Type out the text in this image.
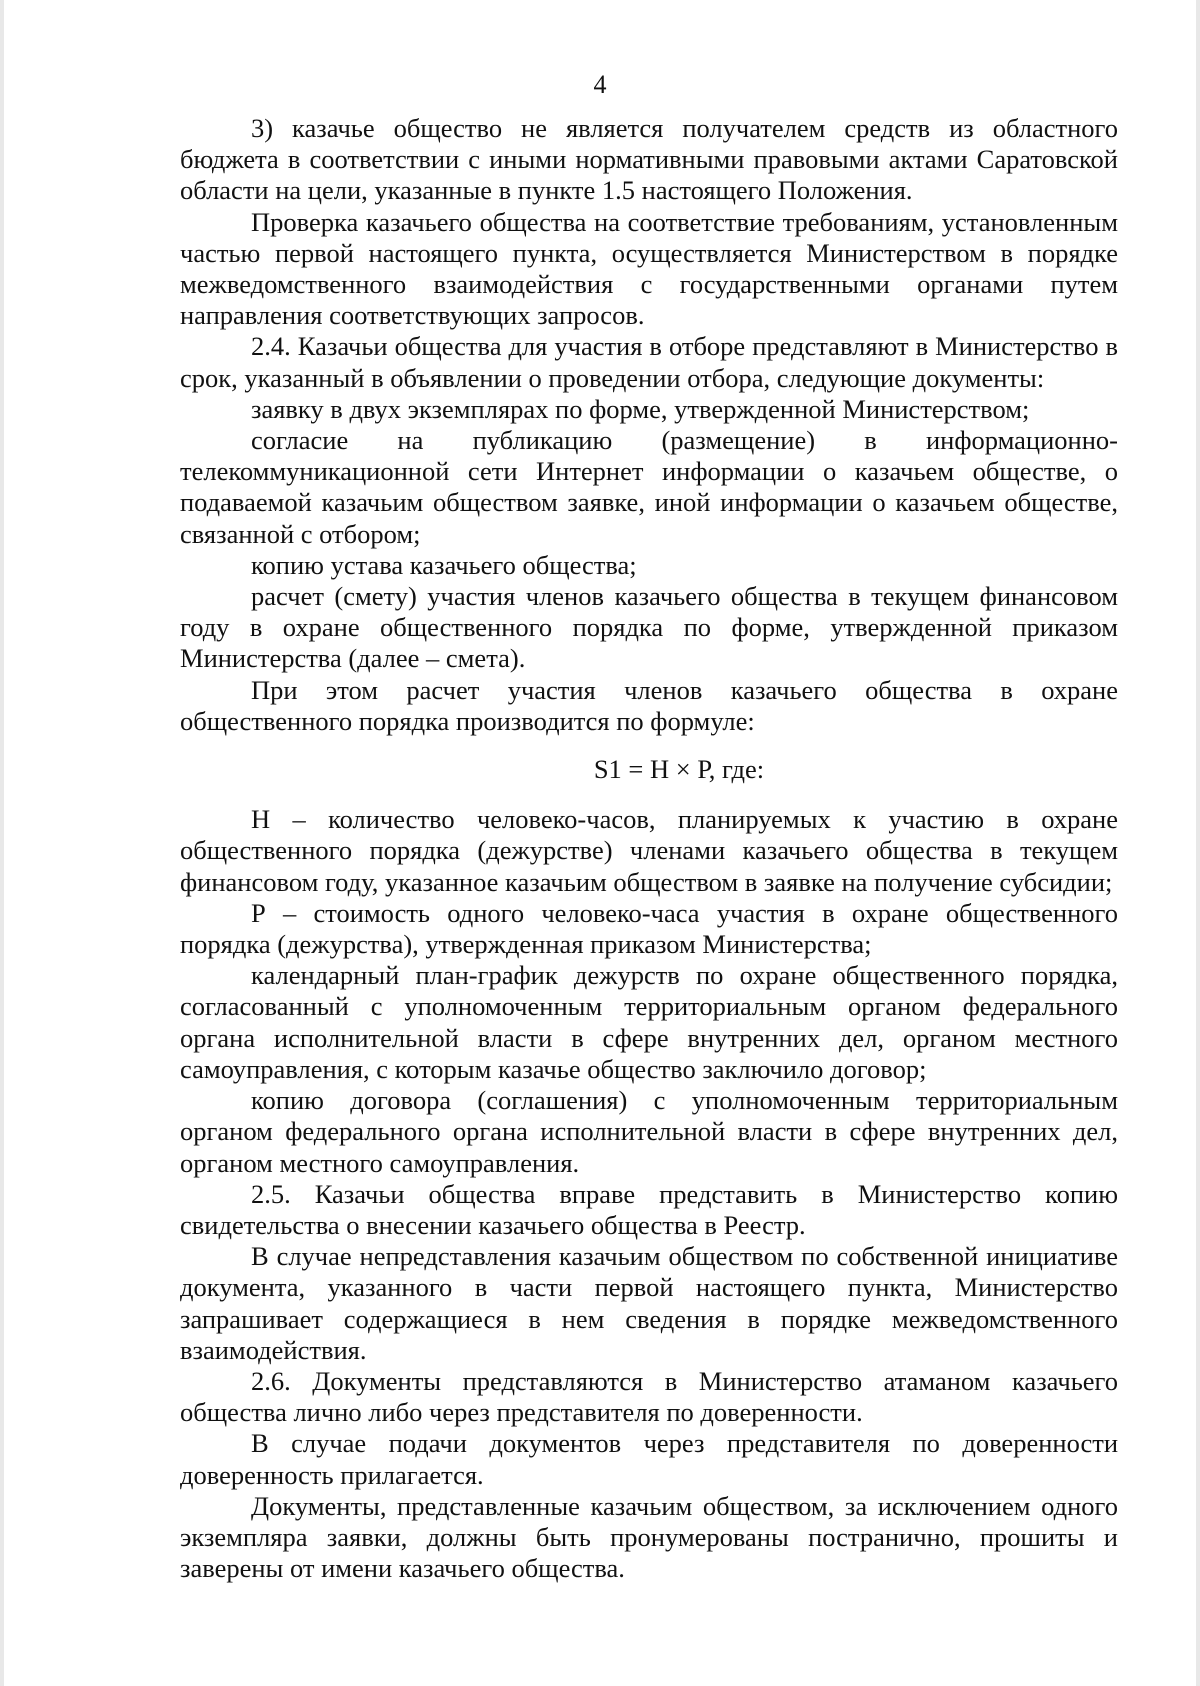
4

3) казачье общество не является получателем средств из областного бюджета в соответствии с иными нормативными правовыми актами Саратовской области на цели, указанные в пункте 1.5 настоящего Положения.

Проверка казачьего общества на соответствие требованиям, установленным частью первой настоящего пункта, осуществляется Министерством в порядке межведомственного взаимодействия с государственными органами путем направления соответствующих запросов.

2.4. Казачьи общества для участия в отборе представляют в Министерство в срок, указанный в объявлении о проведении отбора, следующие документы:

заявку в двух экземплярах по форме, утвержденной Министерством;

согласие на публикацию (размещение) в информационно-телекоммуникационной сети Интернет информации о казачьем обществе, о подаваемой казачьим обществом заявке, иной информации о казачьем обществе, связанной с отбором;

копию устава казачьего общества;

расчет (смету) участия членов казачьего общества в текущем финансовом году в охране общественного порядка по форме, утвержденной приказом Министерства (далее – смета).

При этом расчет участия членов казачьего общества в охране общественного порядка производится по формуле:

S1 = Н × Р, где:

Н – количество человеко-часов, планируемых к участию в охране общественного порядка (дежурстве) членами казачьего общества в текущем финансовом году, указанное казачьим обществом в заявке на получение субсидии;

Р – стоимость одного человеко-часа участия в охране общественного порядка (дежурства), утвержденная приказом Министерства;

календарный план-график дежурств по охране общественного порядка, согласованный с уполномоченным территориальным органом федерального органа исполнительной власти в сфере внутренних дел, органом местного самоуправления, с которым казачье общество заключило договор;

копию договора (соглашения) с уполномоченным территориальным органом федерального органа исполнительной власти в сфере внутренних дел, органом местного самоуправления.

2.5. Казачьи общества вправе представить в Министерство копию свидетельства о внесении казачьего общества в Реестр.

В случае непредставления казачьим обществом по собственной инициативе документа, указанного в части первой настоящего пункта, Министерство запрашивает содержащиеся в нем сведения в порядке межведомственного взаимодействия.

2.6. Документы представляются в Министерство атаманом казачьего общества лично либо через представителя по доверенности.

В случае подачи документов через представителя по доверенности доверенность прилагается.

Документы, представленные казачьим обществом, за исключением одного экземпляра заявки, должны быть пронумерованы постранично, прошиты и заверены от имени казачьего общества.
